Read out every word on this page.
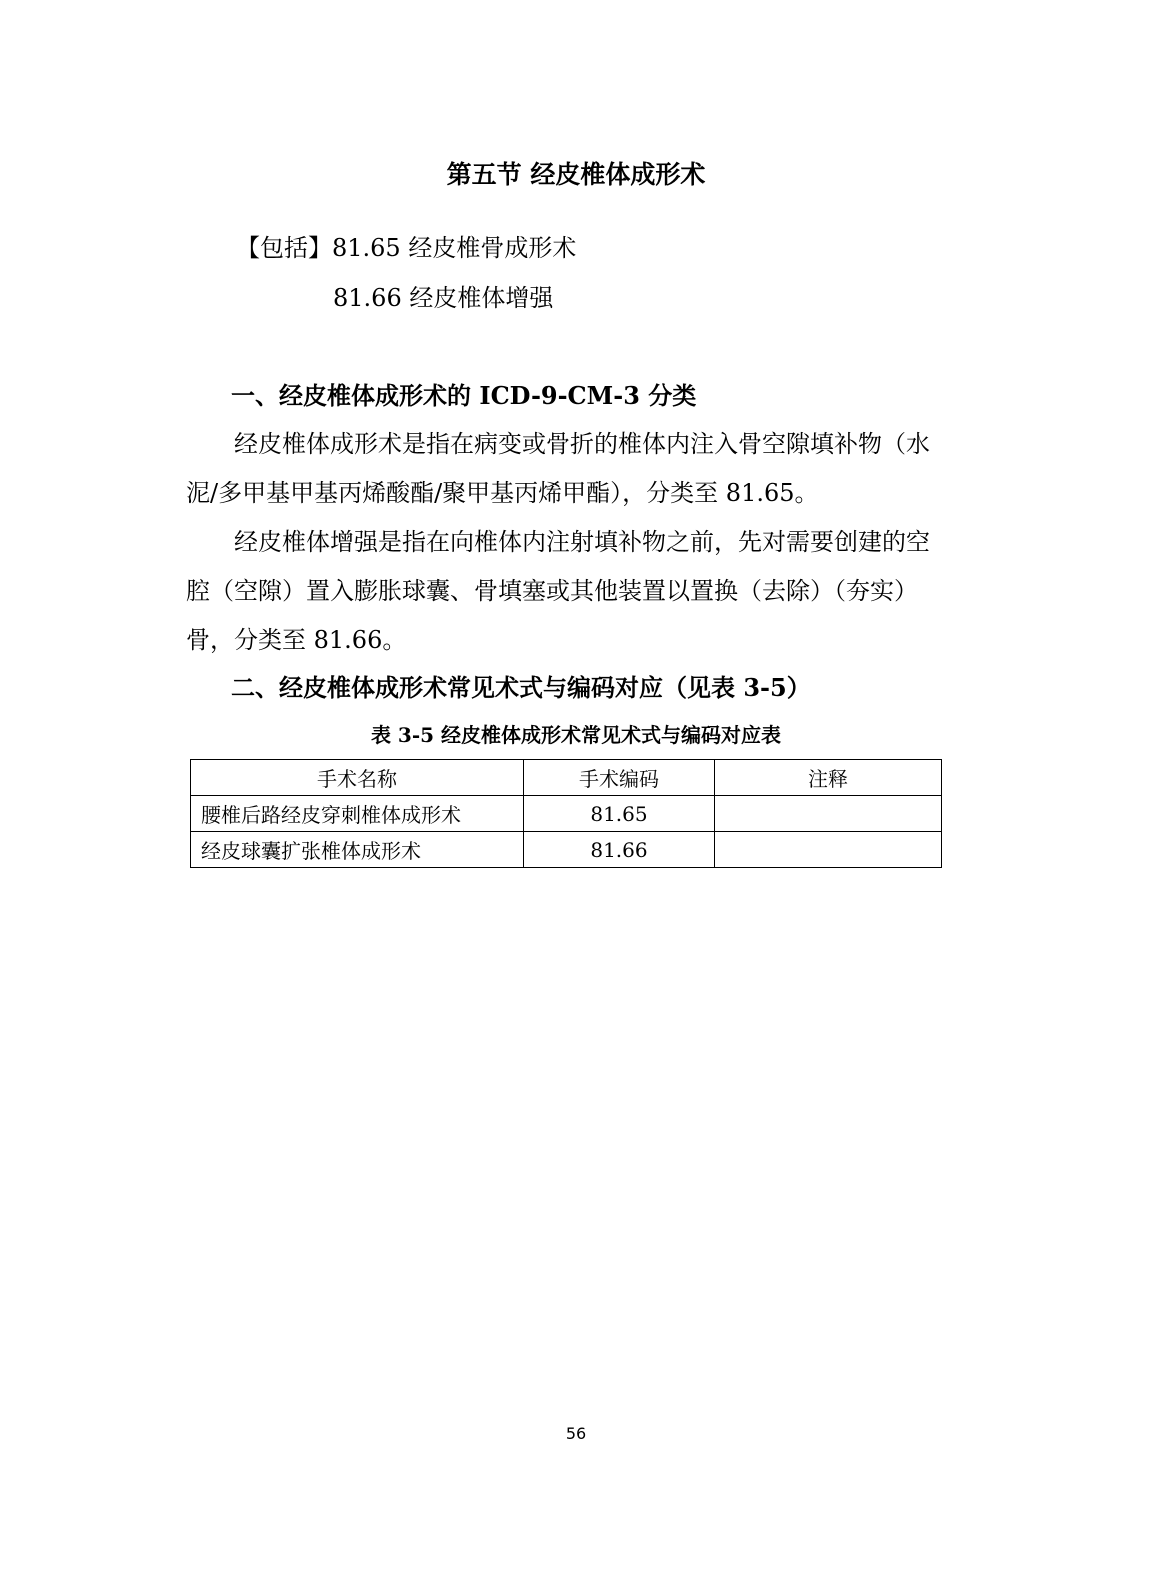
第五节 经皮椎体成形术
【包括】81.65 经皮椎骨成形术
81.66 经皮椎体增强
一、经皮椎体成形术的 ICD-9-CM-3 分类
经皮椎体成形术是指在病变或骨折的椎体内注入骨空隙填补物（水
泥/多甲基甲基丙烯酸酯/聚甲基丙烯甲酯），分类至 81.65。
经皮椎体增强是指在向椎体内注射填补物之前，先对需要创建的空
腔（空隙）置入膨胀球囊、骨填塞或其他装置以置换（去除）（夯实）
骨，分类至 81.66。
二、经皮椎体成形术常见术式与编码对应（见表 3-5）
表 3-5 经皮椎体成形术常见术式与编码对应表
手术名称	手术编码	注释
腰椎后路经皮穿刺椎体成形术	81.65	
经皮球囊扩张椎体成形术	81.66	
56
